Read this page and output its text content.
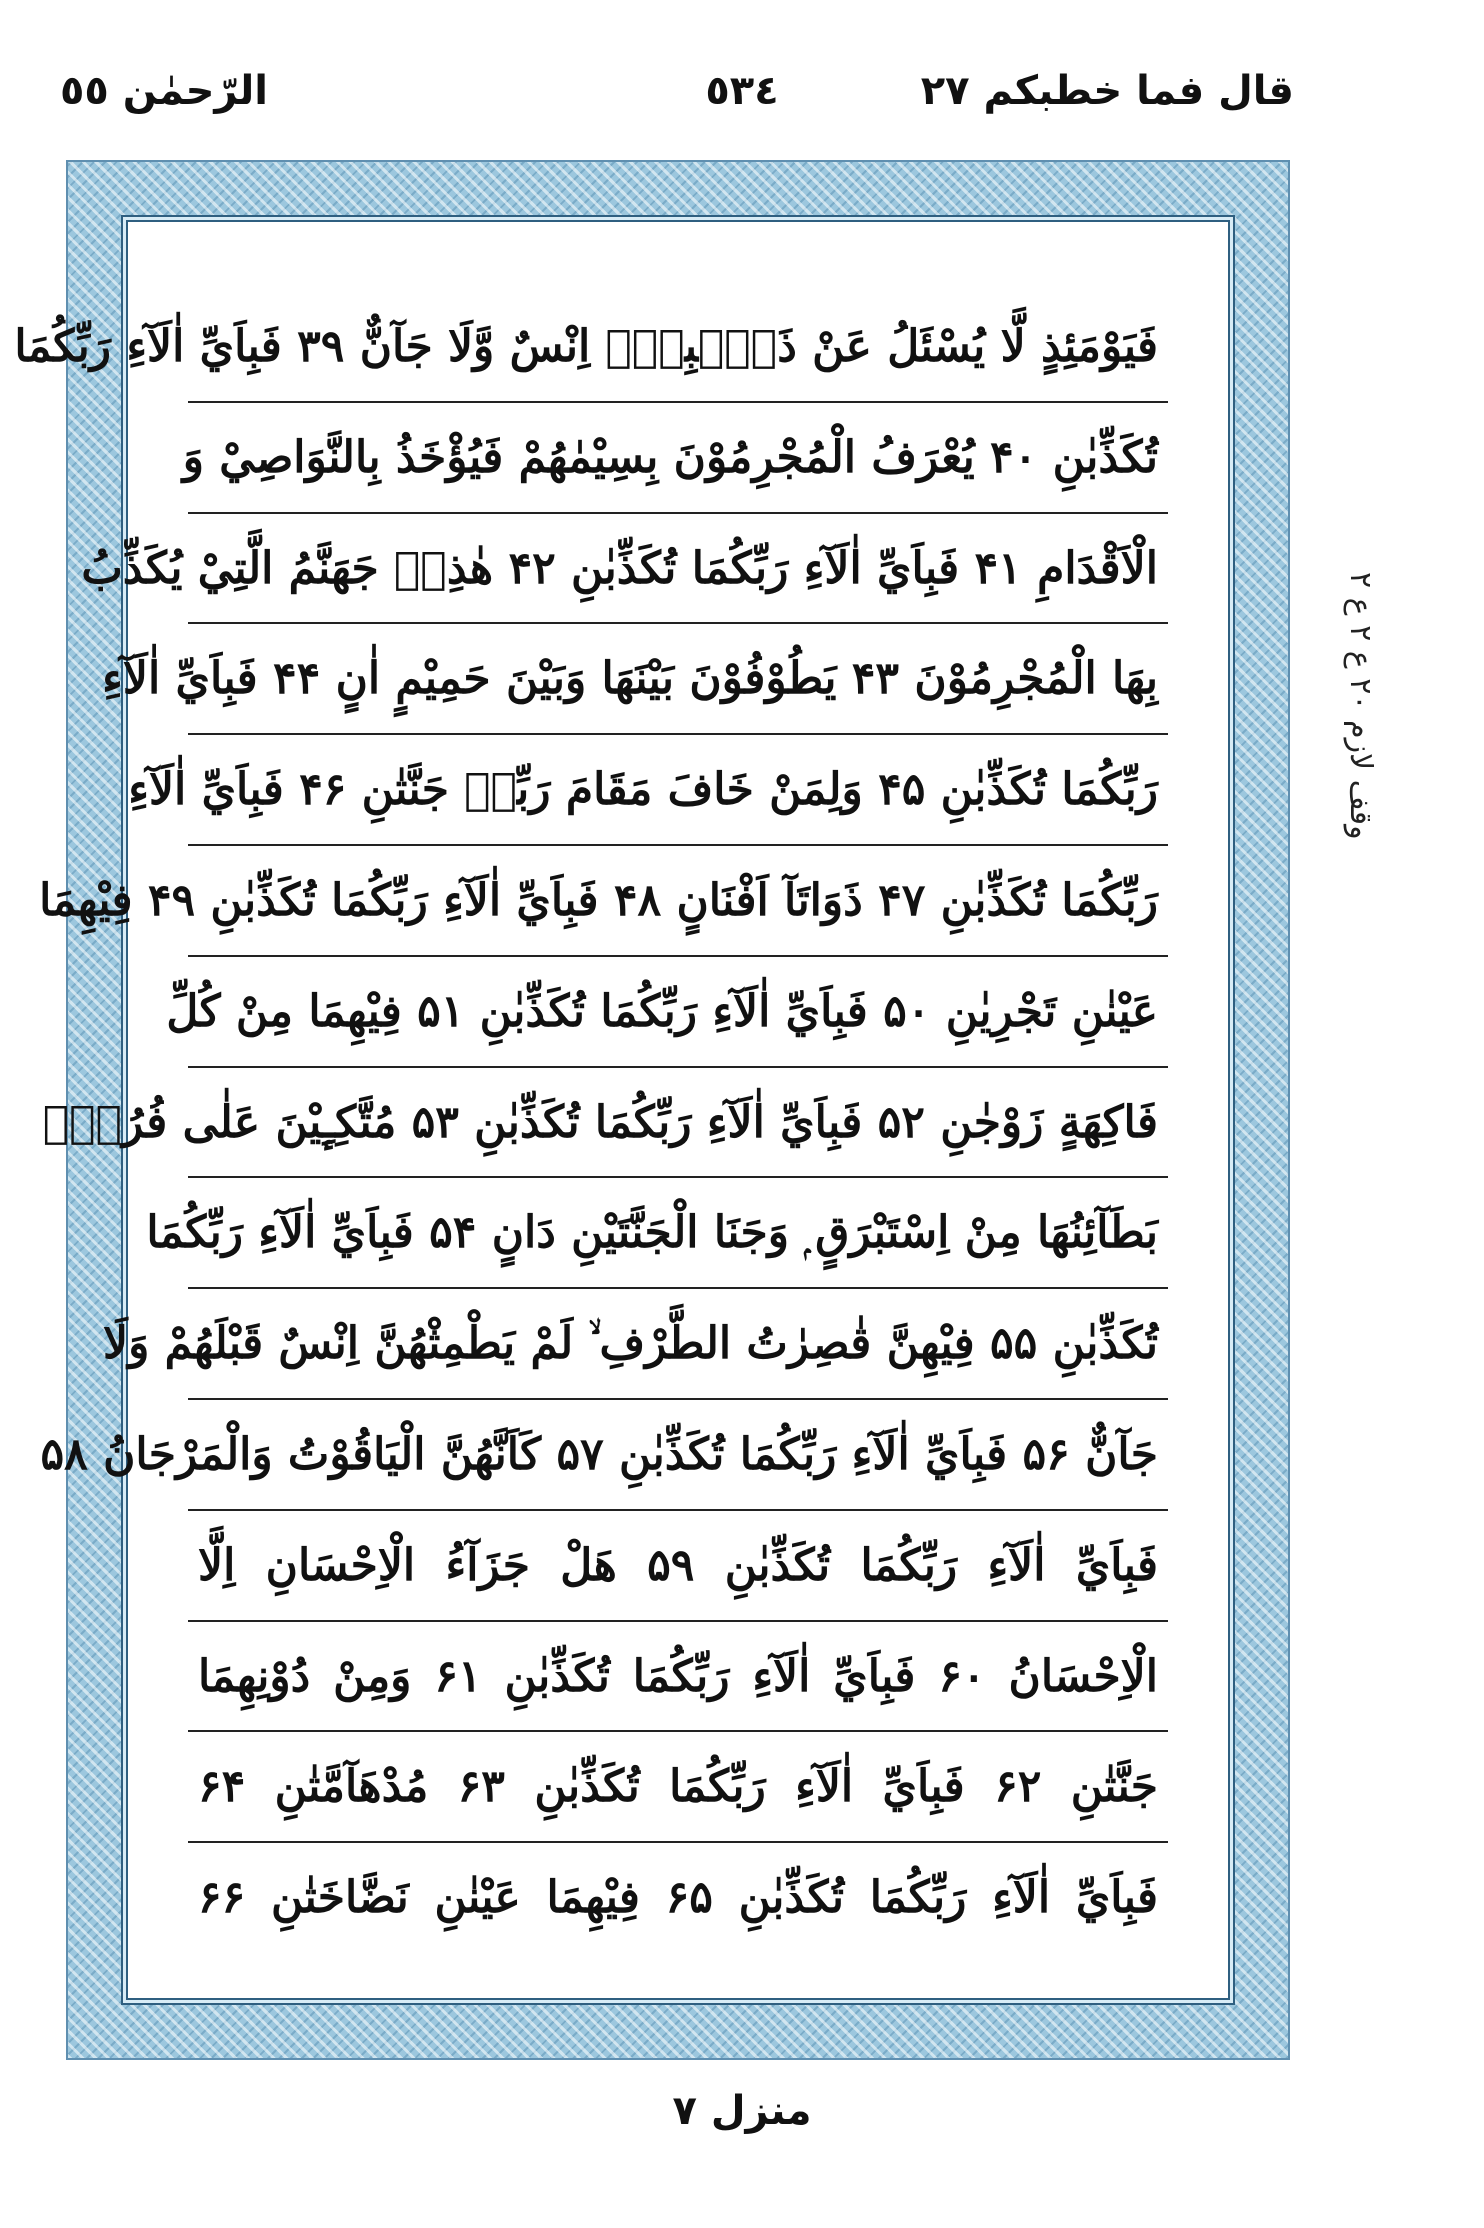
قال فما خطبكم ٢٧
٥٣٤
الرّحمٰن ٥٥
فَيَوْمَئِذٍ لَّا يُسْئَلُ عَنْ ذَنْۢبِهٖٓ اِنْسٌ وَّلَا جَآنٌّ ۳۹ فَبِاَيِّ اٰلَآءِ رَبِّكُمَا
تُكَذِّبٰنِ ۴۰ يُعْرَفُ الْمُجْرِمُوْنَ بِسِيْمٰهُمْ فَيُؤْخَذُ بِالنَّوَاصِيْ وَ
الْاَقْدَامِ ۴۱ فَبِاَيِّ اٰلَآءِ رَبِّكُمَا تُكَذِّبٰنِ ۴۲ هٰذِهٖ جَهَنَّمُ الَّتِيْ يُكَذِّبُ
بِهَا الْمُجْرِمُوْنَ ۴۳ يَطُوْفُوْنَ بَيْنَهَا وَبَيْنَ حَمِيْمٍ اٰنٍ ۴۴ فَبِاَيِّ اٰلَآءِ
رَبِّكُمَا تُكَذِّبٰنِ ۴۵ وَلِمَنْ خَافَ مَقَامَ رَبِّهٖ جَنَّتٰنِ ۴۶ فَبِاَيِّ اٰلَآءِ
رَبِّكُمَا تُكَذِّبٰنِ ۴۷ ذَوَاتَآ اَفْنَانٍ ۴۸ فَبِاَيِّ اٰلَآءِ رَبِّكُمَا تُكَذِّبٰنِ ۴۹ فِيْهِمَا
عَيْنٰنِ تَجْرِيٰنِ ۵۰ فَبِاَيِّ اٰلَآءِ رَبِّكُمَا تُكَذِّبٰنِ ۵۱ فِيْهِمَا مِنْ كُلِّ
فَاكِهَةٍ زَوْجٰنِ ۵۲ فَبِاَيِّ اٰلَآءِ رَبِّكُمَا تُكَذِّبٰنِ ۵۳ مُتَّكِـِٕيْنَ عَلٰى فُرُشٍۢ
بَطَآئِنُهَا مِنْ اِسْتَبْرَقٍ ۭ وَجَنَا الْجَنَّتَيْنِ دَانٍ ۵۴ فَبِاَيِّ اٰلَآءِ رَبِّكُمَا
تُكَذِّبٰنِ ۵۵ فِيْهِنَّ قٰصِرٰتُ الطَّرْفِ ۙ لَمْ يَطْمِثْهُنَّ اِنْسٌ قَبْلَهُمْ وَلَا
جَآنٌّ ۵۶ فَبِاَيِّ اٰلَآءِ رَبِّكُمَا تُكَذِّبٰنِ ۵۷ كَاَنَّهُنَّ الْيَاقُوْتُ وَالْمَرْجَانُ ۵۸
فَبِاَيِّ اٰلَآءِ رَبِّكُمَا تُكَذِّبٰنِ ۵۹ هَلْ جَزَآءُ الْاِحْسَانِ اِلَّا
الْاِحْسَانُ ۶۰ فَبِاَيِّ اٰلَآءِ رَبِّكُمَا تُكَذِّبٰنِ ۶۱ وَمِنْ دُوْنِهِمَا
جَنَّتٰنِ ۶۲ فَبِاَيِّ اٰلَآءِ رَبِّكُمَا تُكَذِّبٰنِ ۶۳ مُدْهَآمَّتٰنِ ۶۴
فَبِاَيِّ اٰلَآءِ رَبِّكُمَا تُكَذِّبٰنِ ۶۵ فِيْهِمَا عَيْنٰنِ نَضَّاخَتٰنِ ۶۶
وقف لازم ۲۰ ع ۲ ع ۲
منزل ۷
